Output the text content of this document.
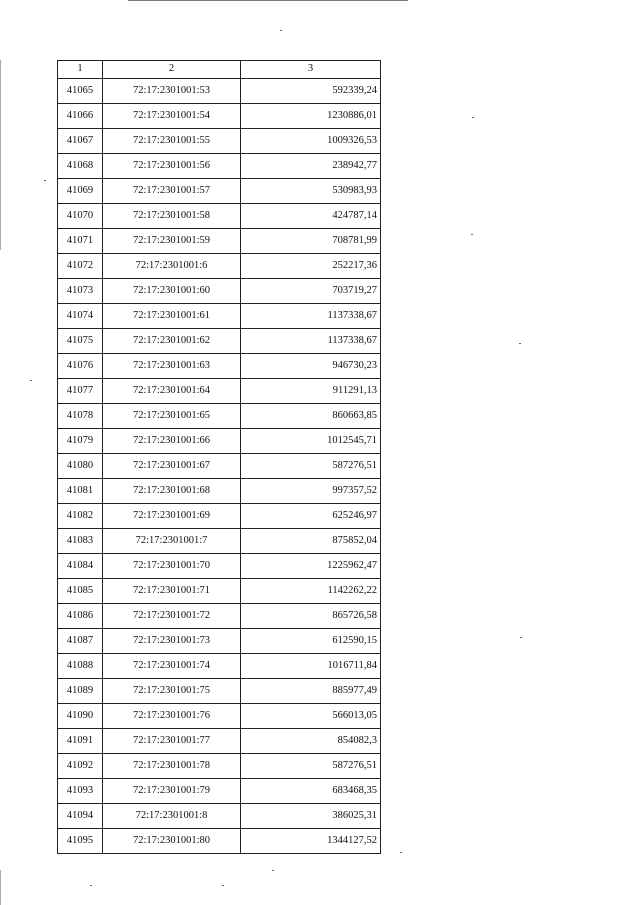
1	2	3
41065	72:17:2301001:53	592339,24
41066	72:17:2301001:54	1230886,01
41067	72:17:2301001:55	1009326,53
41068	72:17:2301001:56	238942,77
41069	72:17:2301001:57	530983,93
41070	72:17:2301001:58	424787,14
41071	72:17:2301001:59	708781,99
41072	72:17:2301001:6	252217,36
41073	72:17:2301001:60	703719,27
41074	72:17:2301001:61	1137338,67
41075	72:17:2301001:62	1137338,67
41076	72:17:2301001:63	946730,23
41077	72:17:2301001:64	911291,13
41078	72:17:2301001:65	860663,85
41079	72:17:2301001:66	1012545,71
41080	72:17:2301001:67	587276,51
41081	72:17:2301001:68	997357,52
41082	72:17:2301001:69	625246,97
41083	72:17:2301001:7	875852,04
41084	72:17:2301001:70	1225962,47
41085	72:17:2301001:71	1142262,22
41086	72:17:2301001:72	865726,58
41087	72:17:2301001:73	612590,15
41088	72:17:2301001:74	1016711,84
41089	72:17:2301001:75	885977,49
41090	72:17:2301001:76	566013,05
41091	72:17:2301001:77	854082,3
41092	72:17:2301001:78	587276,51
41093	72:17:2301001:79	683468,35
41094	72:17:2301001:8	386025,31
41095	72:17:2301001:80	1344127,52
